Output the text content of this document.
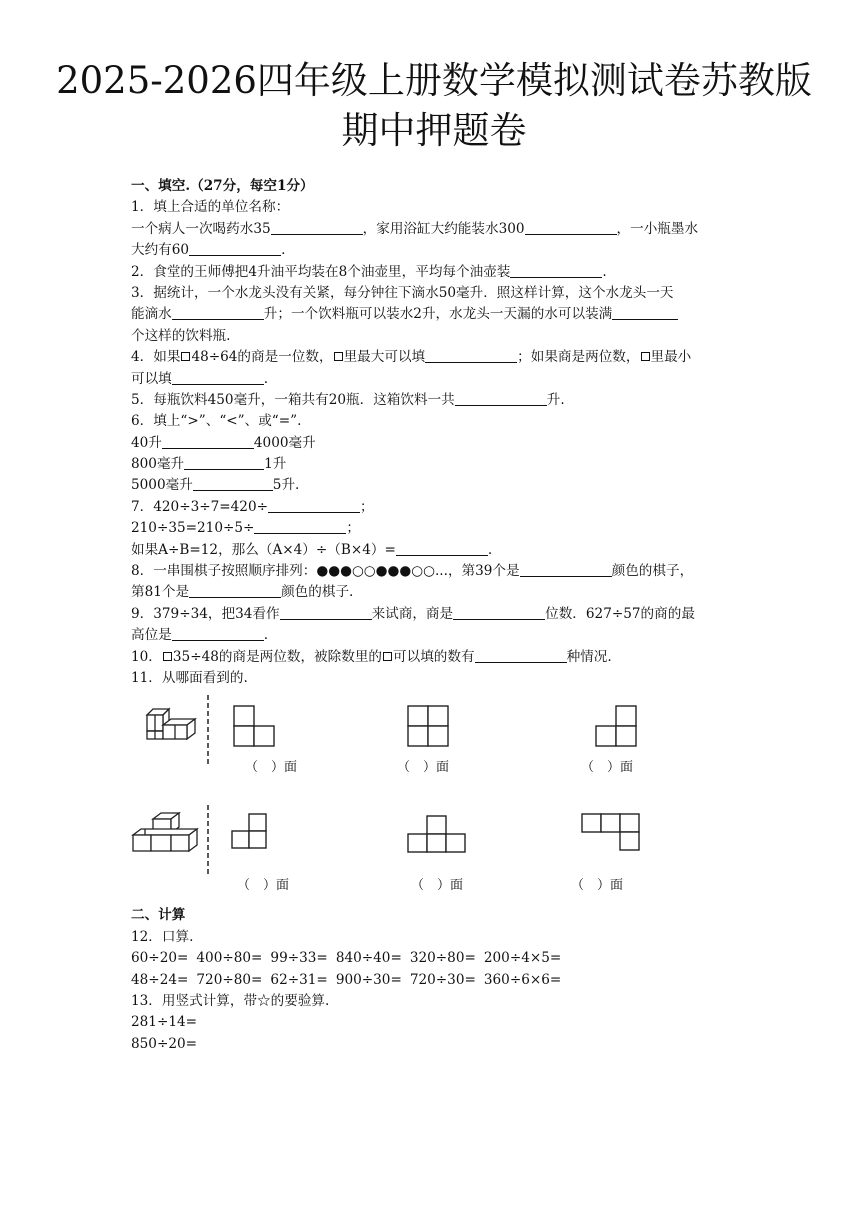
2025-2026四年级上册数学模拟测试卷苏教版
期中押题卷
一、填空.（27分，每空1分）
1．填上合适的单位名称：
一个病人一次喝药水35	，家用浴缸大约能装水300	，一小瓶墨水
大约有60	.
2．食堂的王师傅把4升油平均装在8个油壶里，平均每个油壶装	.
3．据统计，一个水龙头没有关紧，每分钟往下滴水50毫升．照这样计算，这个水龙头一天
能滴水	升；一个饮料瓶可以装水2升，水龙头一天漏的水可以装满
个这样的饮料瓶.
4．如果 48÷64的商是一位数， 里最大可以填	；如果商是两位数， 里最小
可以填	.
5．每瓶饮料450毫升，一箱共有20瓶．这箱饮料一共	升.
6．填上“>”、“<”、或“=”.
40升	4000毫升
800毫升	1升
5000毫升	5升.
7．420÷3÷7=420÷	；
210÷35=210÷5÷	；
如果A÷B=12，那么（A×4）÷（B×4）=	.
8．一串围棋子按照顺序排列：●●●○○●●●○○...，第39个是	颜色的棋子，
第81个是	颜色的棋子.
9．379÷34，把34看作	来试商，商是	位数．627÷57的商的最
高位是	.
10． 35÷48的商是两位数，被除数里的 可以填的数有	种情况.
11．从哪面看到的.
（　）面	（　）面	（　）面
（　）面	（　）面	（　）面
二、计算
12．口算.
60÷20= 400÷80= 99÷33= 840÷40= 320÷80= 200÷4×5=
48÷24= 720÷80= 62÷31= 900÷30= 720÷30= 360÷6×6=
13．用竖式计算，带☆的要验算.
281÷14=
850÷20=
